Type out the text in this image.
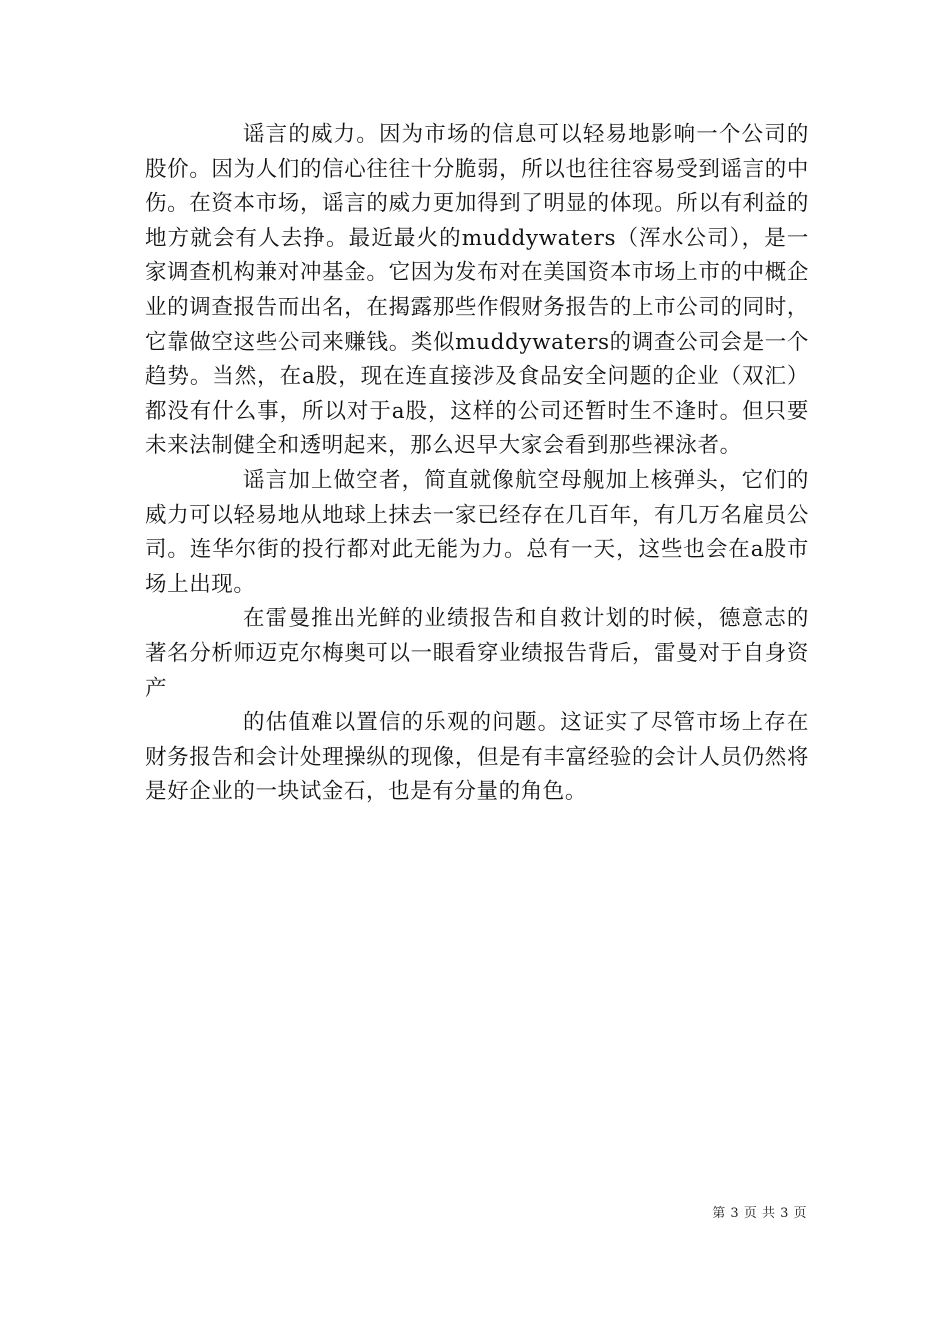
谣言的威力。因为市场的信息可以轻易地影响一个公司的股价。因为人们的信心往往十分脆弱，所以也往往容易受到谣言的中伤。在资本市场，谣言的威力更加得到了明显的体现。所以有利益的地方就会有人去挣。最近最火的muddywaters（浑水公司），是一家调查机构兼对冲基金。它因为发布对在美国资本市场上市的中概企业的调查报告而出名，在揭露那些作假财务报告的上市公司的同时，它靠做空这些公司来赚钱。类似muddywaters的调查公司会是一个趋势。当然，在a股，现在连直接涉及食品安全问题的企业（双汇）都没有什么事，所以对于a股，这样的公司还暂时生不逢时。但只要未来法制健全和透明起来，那么迟早大家会看到那些裸泳者。

谣言加上做空者，简直就像航空母舰加上核弹头，它们的威力可以轻易地从地球上抹去一家已经存在几百年，有几万名雇员公司。连华尔街的投行都对此无能为力。总有一天，这些也会在a股市场上出现。

在雷曼推出光鲜的业绩报告和自救计划的时候，德意志的著名分析师迈克尔梅奥可以一眼看穿业绩报告背后，雷曼对于自身资产

的估值难以置信的乐观的问题。这证实了尽管市场上存在财务报告和会计处理操纵的现像，但是有丰富经验的会计人员仍然将是好企业的一块试金石，也是有分量的角色。

第 3 页 共 3 页
